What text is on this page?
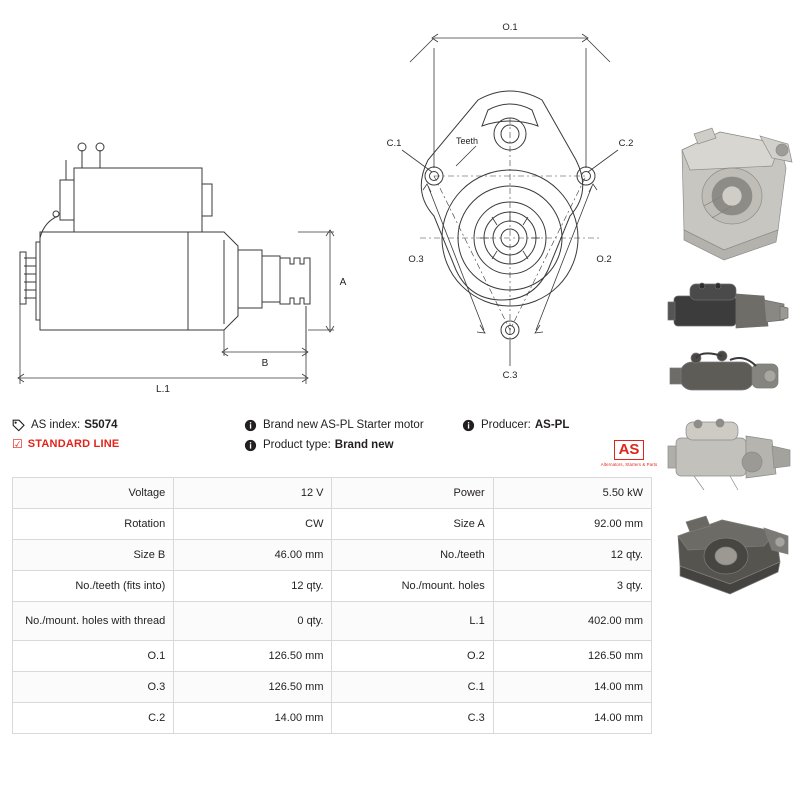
A
B
L.1
O.1
O.2
O.3
C.1	C.2
C.3
Teeth
AS index: S5074	Brand new AS-PL Starter motor	Producer: AS-PL
☑ STANDARD LINE	Product type: Brand new	AS
Alternators, Starters & Parts
Voltage	12 V	Power	5.50 kW
Rotation	CW	Size A	92.00 mm
Size B	46.00 mm	No./teeth	12 qty.
No./teeth (fits into)	12 qty.	No./mount. holes	3 qty.
No./mount. holes with thread	0 qty.	L.1	402.00 mm
O.1	126.50 mm	O.2	126.50 mm
O.3	126.50 mm	C.1	14.00 mm
C.2	14.00 mm	C.3	14.00 mm
